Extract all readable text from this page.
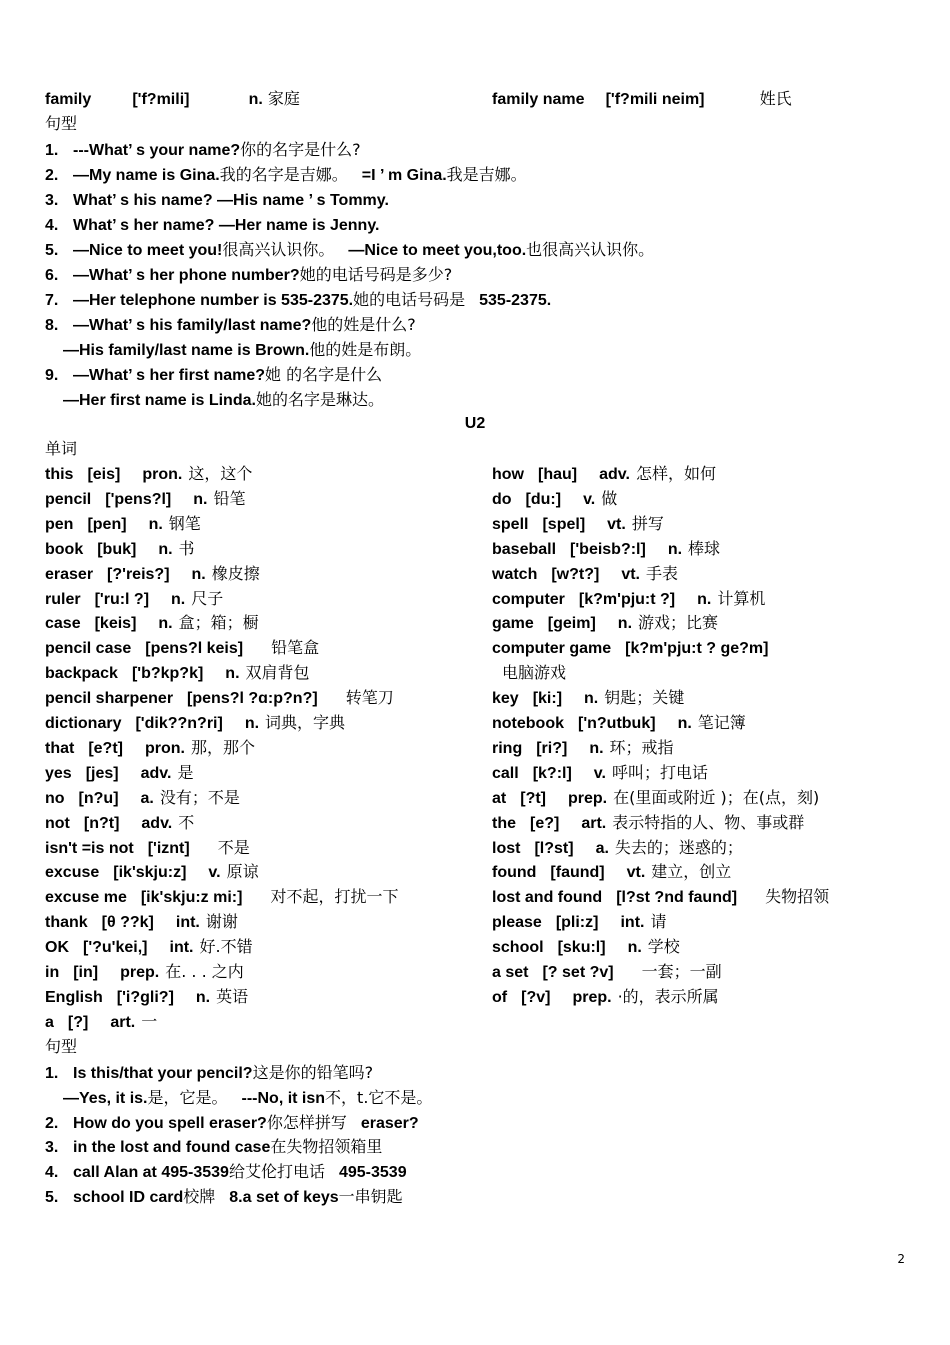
family	['f?mili]	n. 家庭	family name ['f?mili neim]	姓氏
句型
1. ---What’ s your name?你的名字是什么?
2. —My name is Gina.我的名字是吉娜。 =I ’ m Gina.我是吉娜。
3. What’ s his name? —His name ’ s Tommy.
4. What’ s her name? —Her name is Jenny.
5. —Nice to meet you!很高兴认识你。 —Nice to meet you,too.也很高兴认识你。
6. —What’ s her phone number?她的电话号码是多少?
7. —Her telephone number is 535-2375.她的电话号码是 535-2375.
8. —What’ s his family/last name?他的姓是什么?
—His family/last name is Brown.他的姓是布朗。
9. —What’ s her first name?她 的名字是什么
—Her first name is Linda.她的名字是琳达。
U2
单词
this [eis] pron. 这，这个
pencil ['pens?l] n. 铅笔
pen [pen] n. 钢笔
book [buk] n. 书
eraser [?'reis?] n. 橡皮擦
ruler ['ru:l ?] n. 尺子
case [keis] n. 盒；箱；橱
pencil case [pens?l keis] 铅笔盒
backpack ['b?kp?k] n. 双肩背包
pencil sharpener [pens?l ?ɑ:p?n?] 转笔刀
dictionary ['dik??n?ri] n. 词典，字典
that [e?t] pron. 那，那个
yes [jes] adv. 是
no [n?u] a. 没有；不是
not [n?t] adv. 不
isn't =is not ['iznt] 不是
excuse [ik'skju:z] v. 原谅
excuse me [ik'skju:z mi:] 对不起，打扰一下
thank [θ ??k] int. 谢谢
OK ['?u'kei,] int. 好.不错
in [in] prep. 在. . . 之内
English ['i?gli?] n. 英语
a [?] art. 一
how [hau] adv. 怎样，如何
do [du:] v. 做
spell [spel] vt. 拼写
baseball ['beisb?:l] n. 棒球
watch [w?t?] vt. 手表
computer [k?m'pju:t ?] n. 计算机
game [geim] n. 游戏；比赛
computer game [k?m'pju:t ? ge?m]
电脑游戏
key [ki:] n. 钥匙；关键
notebook ['n?utbuk] n. 笔记簿
ring [ri?] n. 环；戒指
call [k?:l] v. 呼叫；打电话
at [?t] prep. 在(里面或附近 )；在(点，刻)
the [e?] art. 表示特指的人、物、事或群
lost [l?st] a. 失去的；迷惑的；
found [faund] vt. 建立，创立
lost and found [l?st ?nd faund] 失物招领
please [pli:z] int. 请
school [sku:l] n. 学校
a set [? set ?v] 一套；一副
of [?v] prep. ·的，表示所属
句型
1. Is this/that your pencil?这是你的铅笔吗?
—Yes, it is.是，它是。 ---No, it isn不，t.它不是。
2. How do you spell eraser?你怎样拼写 eraser?
3. in the lost and found case在失物招领箱里
4. call Alan at 495-3539给艾伦打电话 495-3539
5. school ID card校牌 8.a set of keys一串钥匙
2
